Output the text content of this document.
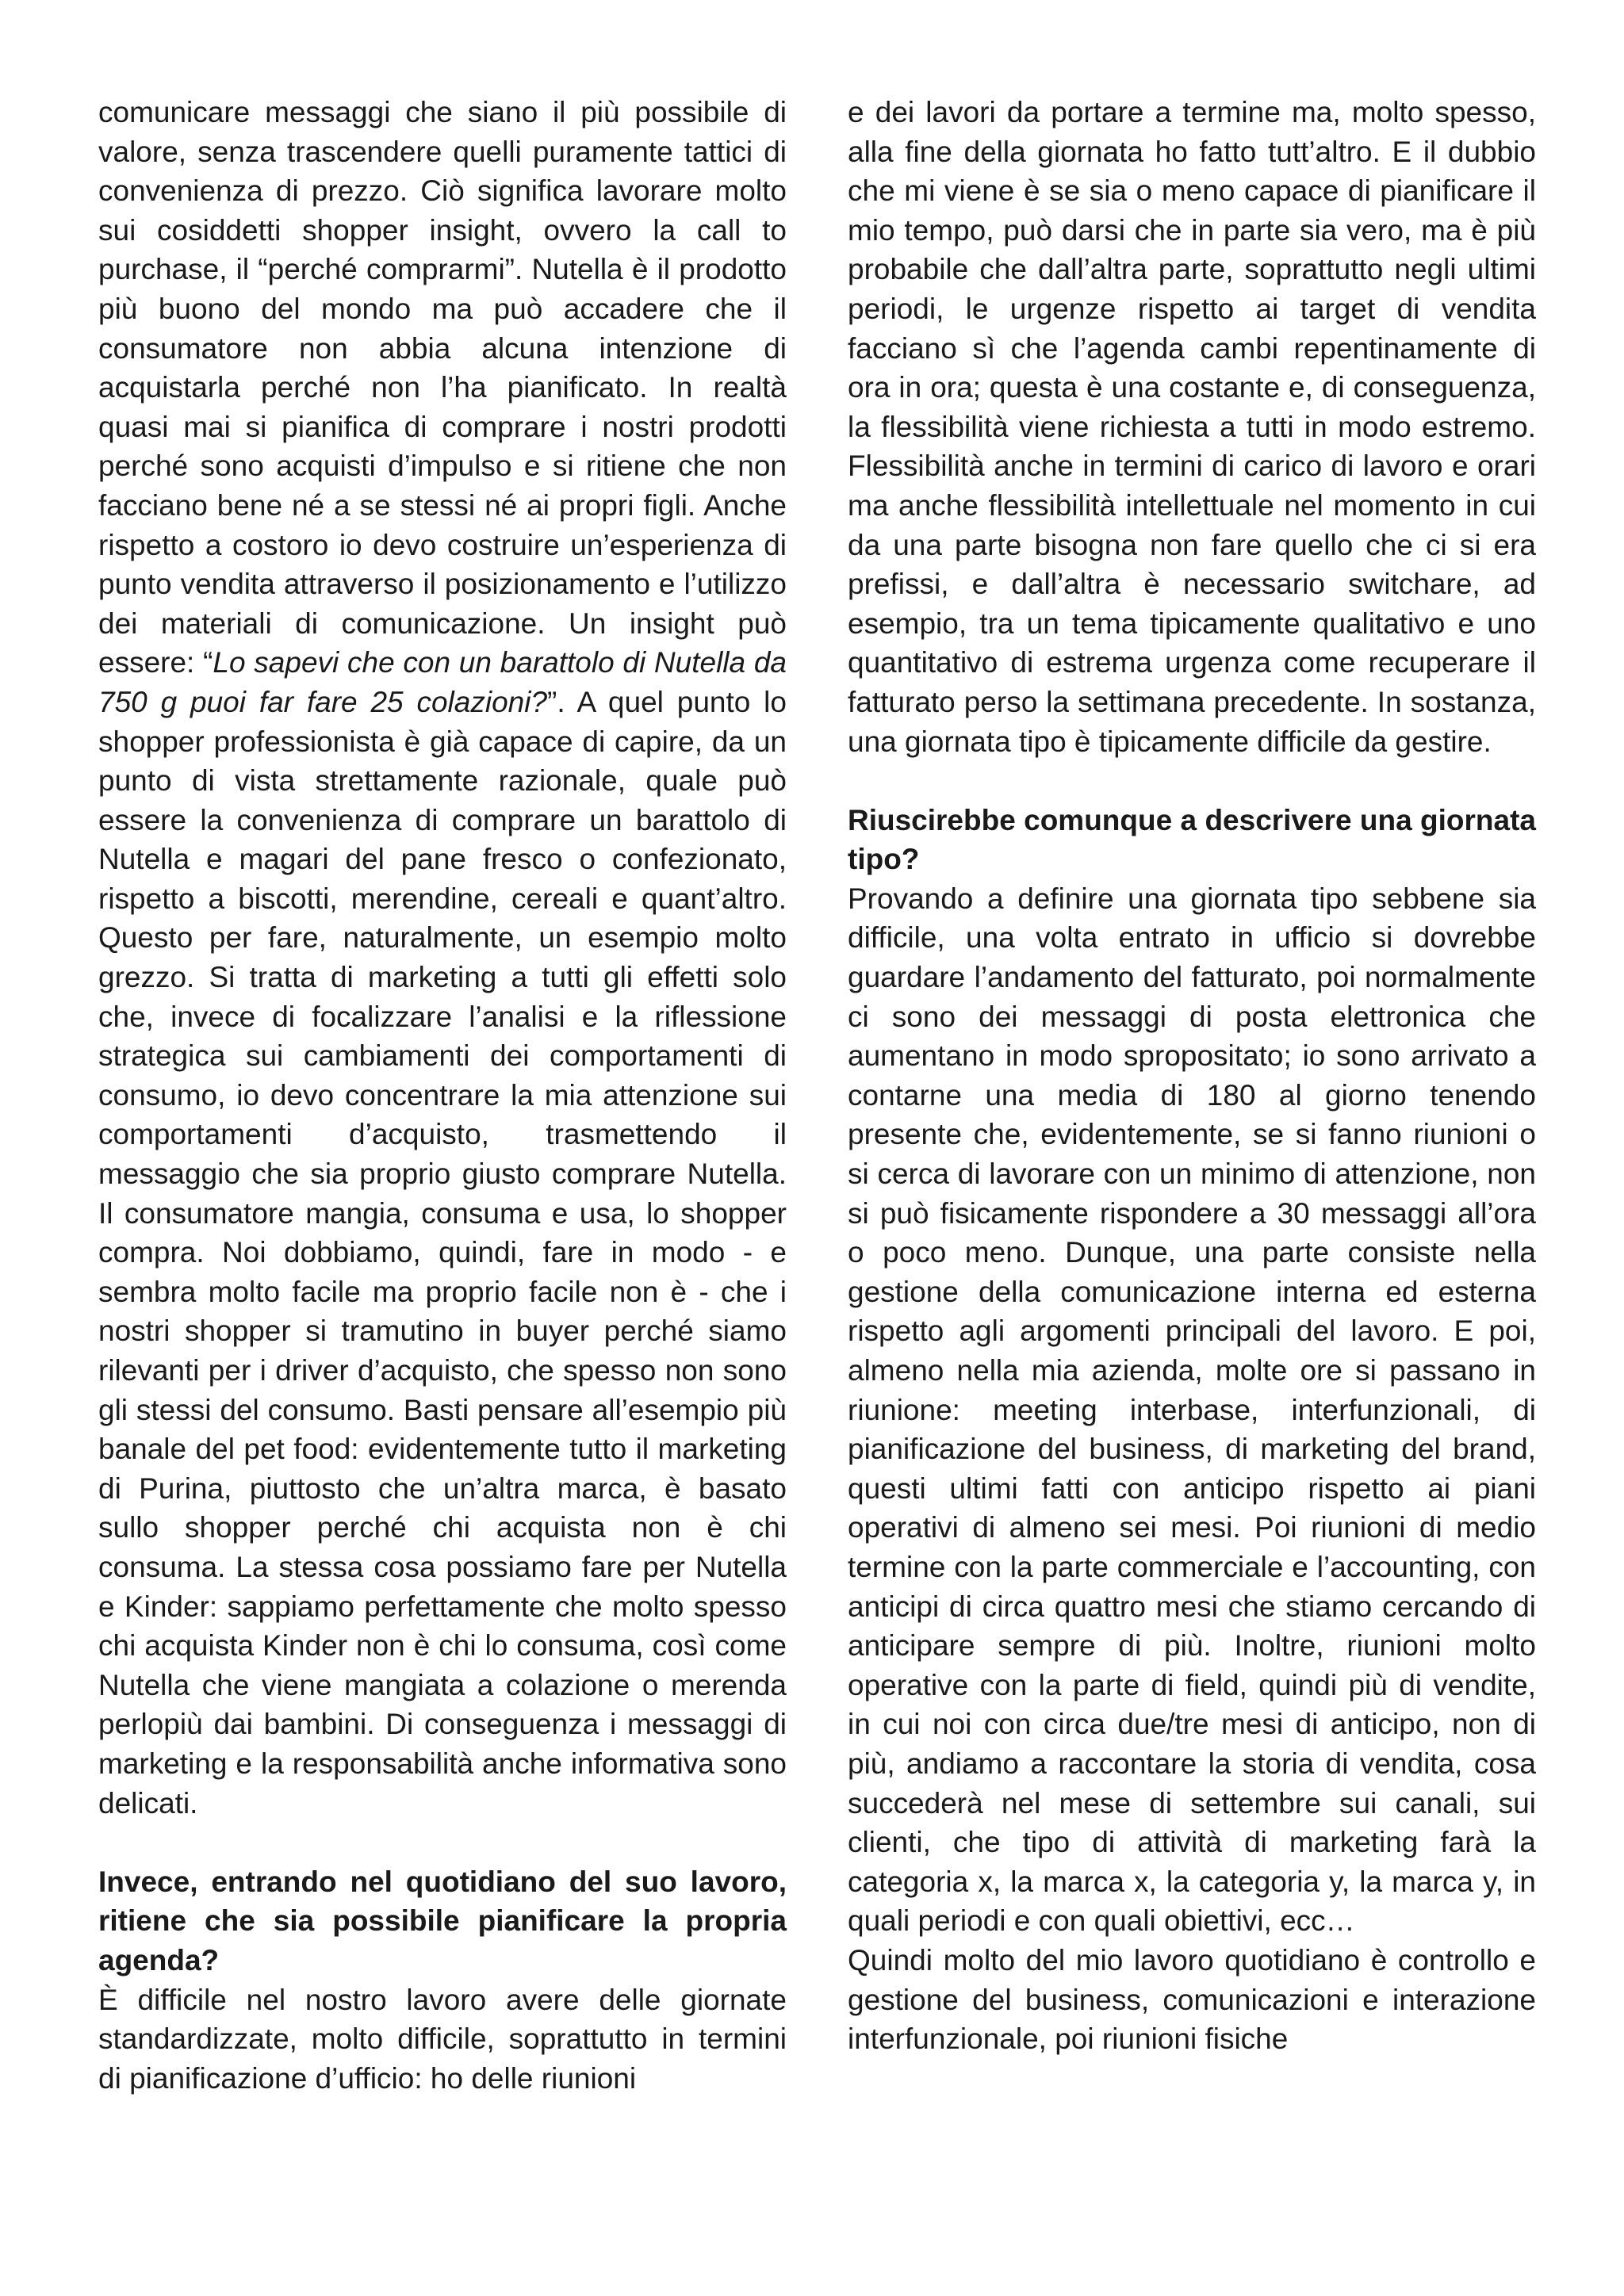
comunicare messaggi che siano il più possibile di valore, senza trascendere quelli puramente tattici di convenienza di prezzo. Ciò significa lavorare molto sui cosiddetti shopper insight, ovvero la call to purchase, il “perché comprarmi”. Nutella è il prodotto più buono del mondo ma può accadere che il consumatore non abbia alcuna intenzione di acquistarla perché non l’ha pianificato. In realtà quasi mai si pianifica di comprare i nostri prodotti perché sono acquisti d’impulso e si ritiene che non facciano bene né a se stessi né ai propri figli. Anche rispetto a costoro io devo costruire un’esperienza di punto vendita attraverso il posizionamento e l’utilizzo dei materiali di comunicazione. Un insight può essere: “Lo sapevi che con un barattolo di Nutella da 750 g puoi far fare 25 colazioni?”. A quel punto lo shopper professionista è già capace di capire, da un punto di vista strettamente razionale, quale può essere la convenienza di comprare un barattolo di Nutella e magari del pane fresco o confezionato, rispetto a biscotti, merendine, cereali e quant’altro. Questo per fare, naturalmente, un esempio molto grezzo. Si tratta di marketing a tutti gli effetti solo che, invece di focalizzare l’analisi e la riflessione strategica sui cambiamenti dei comportamenti di consumo, io devo concentrare la mia attenzione sui comportamenti d’acquisto, trasmettendo il messaggio che sia proprio giusto comprare Nutella. Il consumatore mangia, consuma e usa, lo shopper compra. Noi dobbiamo, quindi, fare in modo - e sembra molto facile ma proprio facile non è - che i nostri shopper si tramutino in buyer perché siamo rilevanti per i driver d’acquisto, che spesso non sono gli stessi del consumo. Basti pensare all’esempio più banale del pet food: evidentemente tutto il marketing di Purina, piuttosto che un’altra marca, è basato sullo shopper perché chi acquista non è chi consuma. La stessa cosa possiamo fare per Nutella e Kinder: sappiamo perfettamente che molto spesso chi acquista Kinder non è chi lo consuma, così come Nutella che viene mangiata a colazione o merenda perlopiù dai bambini. Di conseguenza i messaggi di marketing e la responsabilità anche informativa sono delicati.

Invece, entrando nel quotidiano del suo lavoro, ritiene che sia possibile pianificare la propria agenda?

È difficile nel nostro lavoro avere delle giornate standardizzate, molto difficile, soprattutto in termini di pianificazione d’ufficio: ho delle riunioni

e dei lavori da portare a termine ma, molto spesso, alla fine della giornata ho fatto tutt’altro. E il dubbio che mi viene è se sia o meno capace di pianificare il mio tempo, può darsi che in parte sia vero, ma è più probabile che dall’altra parte, soprattutto negli ultimi periodi, le urgenze rispetto ai target di vendita facciano sì che l’agenda cambi repentinamente di ora in ora; questa è una costante e, di conseguenza, la flessibilità viene richiesta a tutti in modo estremo. Flessibilità anche in termini di carico di lavoro e orari ma anche flessibilità intellettuale nel momento in cui da una parte bisogna non fare quello che ci si era prefissi, e dall’altra è necessario switchare, ad esempio, tra un tema tipicamente qualitativo e uno quantitativo di estrema urgenza come recuperare il fatturato perso la settimana precedente. In sostanza, una giornata tipo è tipicamente difficile da gestire.

Riuscirebbe comunque a descrivere una giornata tipo?

Provando a definire una giornata tipo sebbene sia difficile, una volta entrato in ufficio si dovrebbe guardare l’andamento del fatturato, poi normalmente ci sono dei messaggi di posta elettronica che aumentano in modo spropositato; io sono arrivato a contarne una media di 180 al giorno tenendo presente che, evidentemente, se si fanno riunioni o si cerca di lavorare con un minimo di attenzione, non si può fisicamente rispondere a 30 messaggi all’ora o poco meno. Dunque, una parte consiste nella gestione della comunicazione interna ed esterna rispetto agli argomenti principali del lavoro. E poi, almeno nella mia azienda, molte ore si passano in riunione: meeting interbase, interfunzionali, di pianificazione del business, di marketing del brand, questi ultimi fatti con anticipo rispetto ai piani operativi di almeno sei mesi. Poi riunioni di medio termine con la parte commerciale e l’accounting, con anticipi di circa quattro mesi che stiamo cercando di anticipare sempre di più. Inoltre, riunioni molto operative con la parte di field, quindi più di vendite, in cui noi con circa due/tre mesi di anticipo, non di più, andiamo a raccontare la storia di vendita, cosa succederà nel mese di settembre sui canali, sui clienti, che tipo di attività di marketing farà la categoria x, la marca x, la categoria y, la marca y, in quali periodi e con quali obiettivi, ecc…

Quindi molto del mio lavoro quotidiano è controllo e gestione del business, comunicazioni e interazione interfunzionale, poi riunioni fisiche
